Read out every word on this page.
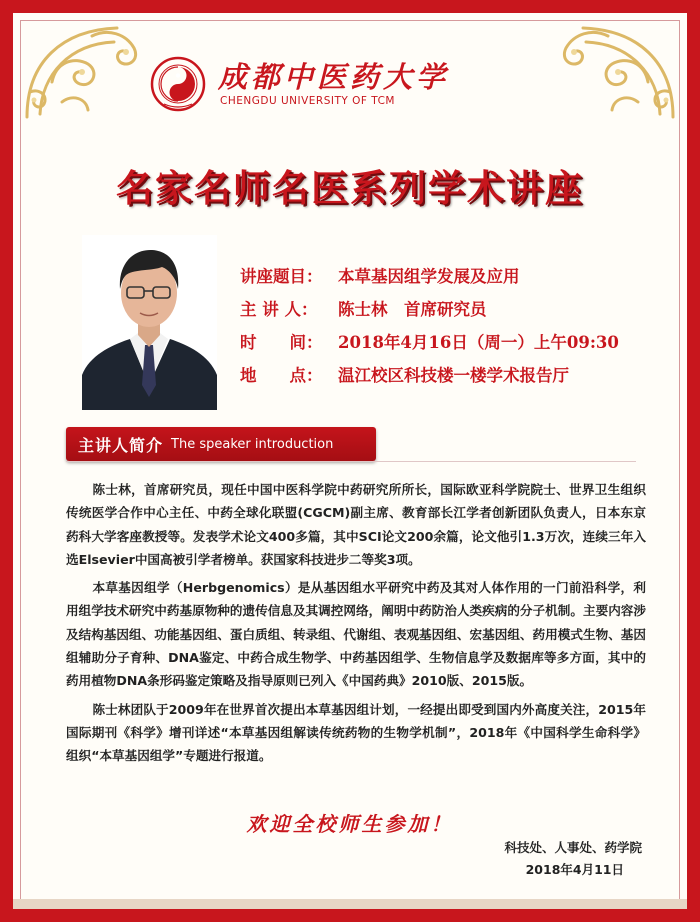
成都中医药大学
CHENGDU UNIVERSITY OF TCM
名家名师名医系列学术讲座
讲座题目： 本草基因组学发展及应用
主 讲 人：	陈士林　首席研究员
时　　间： 2018年4月16日（周一）上午09:30
地　　点： 温江校区科技楼一楼学术报告厅
主讲人简介 The speaker introduction

陈士林，首席研究员，现任中国中医科学院中药研究所所长，国际欧亚科学院院士、世界卫生组织传统医学合作中心主任、中药全球化联盟(CGCM)副主席、教育部长江学者创新团队负责人，日本东京药科大学客座教授等。发表学术论文400多篇，其中SCI论文200余篇，论文他引1.3万次，连续三年入选Elsevier中国高被引学者榜单。获国家科技进步二等奖3项。

本草基因组学（Herbgenomics）是从基因组水平研究中药及其对人体作用的一门前沿科学，利用组学技术研究中药基原物种的遗传信息及其调控网络，阐明中药防治人类疾病的分子机制。主要内容涉及结构基因组、功能基因组、蛋白质组、转录组、代谢组、表观基因组、宏基因组、药用模式生物、基因组辅助分子育种、DNA鉴定、中药合成生物学、中药基因组学、生物信息学及数据库等多方面，其中的药用植物DNA条形码鉴定策略及指导原则已列入《中国药典》2010版、2015版。

陈士林团队于2009年在世界首次提出本草基因组计划，一经提出即受到国内外高度关注，2015年国际期刊《科学》增刊详述“本草基因组解读传统药物的生物学机制”，2018年《中国科学生命科学》组织“本草基因组学”专题进行报道。

欢迎全校师生参加！
科技处、人事处、药学院
2018年4月11日
